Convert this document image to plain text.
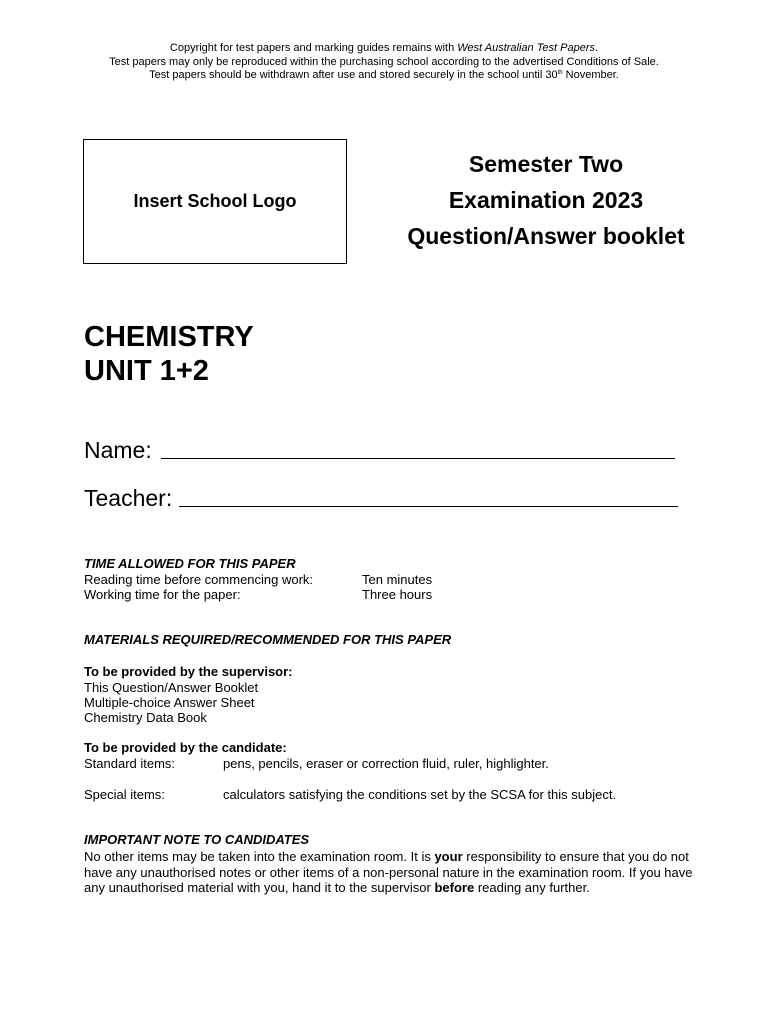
Copyright for test papers and marking guides remains with West Australian Test Papers.
Test papers may only be reproduced within the purchasing school according to the advertised Conditions of Sale.
Test papers should be withdrawn after use and stored securely in the school until 30th November.
Insert School Logo
Semester Two
Examination 2023
Question/Answer booklet
CHEMISTRY
UNIT 1+2
Name:
Teacher:
TIME ALLOWED FOR THIS PAPER
Reading time before commencing work:	Ten minutes
Working time for the paper:	Three hours
MATERIALS REQUIRED/RECOMMENDED FOR THIS PAPER
To be provided by the supervisor:
This Question/Answer Booklet
Multiple-choice Answer Sheet
Chemistry Data Book
To be provided by the candidate:
Standard items:	pens, pencils, eraser or correction fluid, ruler, highlighter.
Special items:	calculators satisfying the conditions set by the SCSA for this subject.
IMPORTANT NOTE TO CANDIDATES
No other items may be taken into the examination room. It is your responsibility to ensure that you do not have any unauthorised notes or other items of a non-personal nature in the examination room. If you have any unauthorised material with you, hand it to the supervisor before reading any further.
